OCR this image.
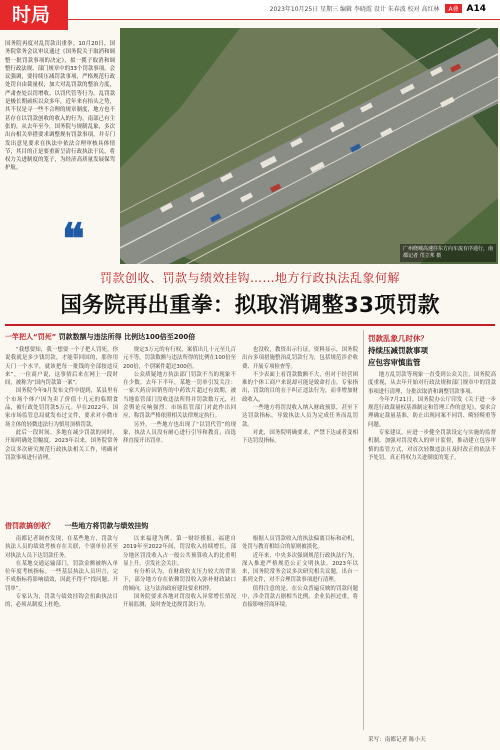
2023年10月25日 星期三 编辑 李晓霞 设计 朱春波 校对 高红林 A叠 A14
时局
国务院再度对乱罚款出重拳。10月20日，国务院常务会议审议通过《国务院关于取消和调整一批罚款事项的决定》，拟一揽子取消和调整行政法规、部门规章中的33个罚款事项。会议强调，要持续压减罚款事项，严格规范行政处罚自由裁量权，加大对乱罚款的整治力度，严肃查处以罚增收、以罚代管等行为。乱罚款是极长期顽疾以众多年，近年来有抬头之势，其不仅是寻一些不合理的规章制度，地方也不甚存在以罚款创收的收入的行为，南部已有主张的，从去年至今，国务院与规制乱象，多次出台相关举措要求调整规有罚款事项，并专门发出意见要求在执法中依法合理审核具体情节，其目的正是要重新呈清行政执法于民，将权力关进制度的笼子，为经济高质量发展保驾护航。
广州绕城高速往东方向车流有序通行，南都记者 邝立邦 摄
❝
罚款创收、罚款与绩效挂钩……地方行政执法乱象何解
国务院再出重拳：拟取消调整33项罚款
一竿把人“罚死” 罚款数额与违法所得 比例达100倍至200倍

“我想要知，我一想要一个子把人罚死，你说我就是多少钱罚款，才能带回国的，那你用天门一个水平，就该把每一批钱的全部按违反来”，一位商户说，这事情后来在网上一段时间，被称为“国内罚款第一案”。

国务院今年9月发布文件中提到，某县里有个市场个体户因为卖了价值十几元的临期食品，被行政处罚罚款5万元。早在2022年，国家市场监管总局就发布过文件，要求对小微市场主体的轻微违法行为慎用顶格罚款。

此后一段时间，多地在减少罚款的同时，开始明确处罚幅度。2023年以来，国务院常务会议多次研究规范行政执法相关工作，明确对罚款事项进行清理。

规定3万元的有行权，案值出几十元至几百元不等。罚款数额与违法所得的比例在100倍至200倍，个别案件超过300倍。

公众质疑地方执法部门罚款不当的现象不在少数。去年下半年，某地一罚单引发关注：一家大药房因销售的中药饮片超过有效期，被当地监管部门没收违法所得并罚款数万元，社会舆论反响强烈。市场监管部门对此作出回应，称罚款严格依照相关法律规定执行。

另外，一些地方也出现了“以罚代管”的现象，执法人员没有耐心进行引导和教育，而选择直接开出罚单。

也没收，教资出示行证。资料显示，国务院出台多项措施整治乱罚款行为，包括规范涉企收费、开展专项检查等。

不少表面上看罚款数额不大，但对于经营困难的个体工商户来说却可能是致命打击。专家指出，罚款的目的在于纠正违法行为，而非增加财政收入。

一些地方将罚没收入纳入财政预算，甚至下达罚款指标，导致执法人员为完成任务而乱罚款。

对此，国务院明确要求，严禁下达或者变相下达罚没指标。

借罚款搞创收？ 一些地方将罚款与绩效挂钩

南都记者调查发现，在某些地方，罚款与执法人员的绩效考核存在关联，个别单位甚至对执法人员下达罚款任务。

在某地交通运输部门，罚款金额被纳入单位年度考核指标。一些基层执法人员坦言，完不成指标将影响绩效，因此不得不“找问题、开罚单”。

专家认为，罚款与绩效挂钩会扭曲执法目的，必须从制度上杜绝。

以来福建为例，第一财经援报，福建自2019年至2022年间，罚没收入持续增长，部分地区罚没收入占一般公共预算收入的比重明显上升，引发社会关注。

有分析认为，在财政收支压力较大的背景下，部分地方存在依赖罚没收入弥补财政缺口的倾向，这与法治政府建设要求相悖。

国务院要求各地对罚没收入异常增长情况开展监测，及时查处违规罚款行为。

根据人员罚款收入的执法偏离目标和动机，处罚与教育相结合的原则被淡化。

近年来，中央多次强调规范行政执法行为，深入推进严格规范公正文明执法。2023年以来，国务院常务会议多次研究相关议题，出台一系列文件，对不合理罚款事项进行清理。

值得注意的是，在公众普遍反映的罚款问题中，涉企罚款占据相当比例。企业负担过重，将直接影响营商环境。

罚款乱象几时休？
持续压减罚款事项
应包容审慎监管

地方乱罚款等现象一直受到公众关注，国务院高度重视，从去年开始对行政法规和部门规章中的罚款事项进行清理，分批次取消和调整罚款事项。

今年7月21日，国务院办公厅印发《关于进一步规范行政裁量权基准制定和管理工作的意见》，要求合理确定裁量基准，防止出现同案不同罚、畸轻畸重等问题。

专家建议，应进一步健全罚款设定与实施的监督机制，加强对罚没收入的审计监督，推动建立包容审慎的监管方式，对首次轻微违法且及时改正的依法不予处罚，真正将权力关进制度的笼子。

采写：南都记者 陈小天
